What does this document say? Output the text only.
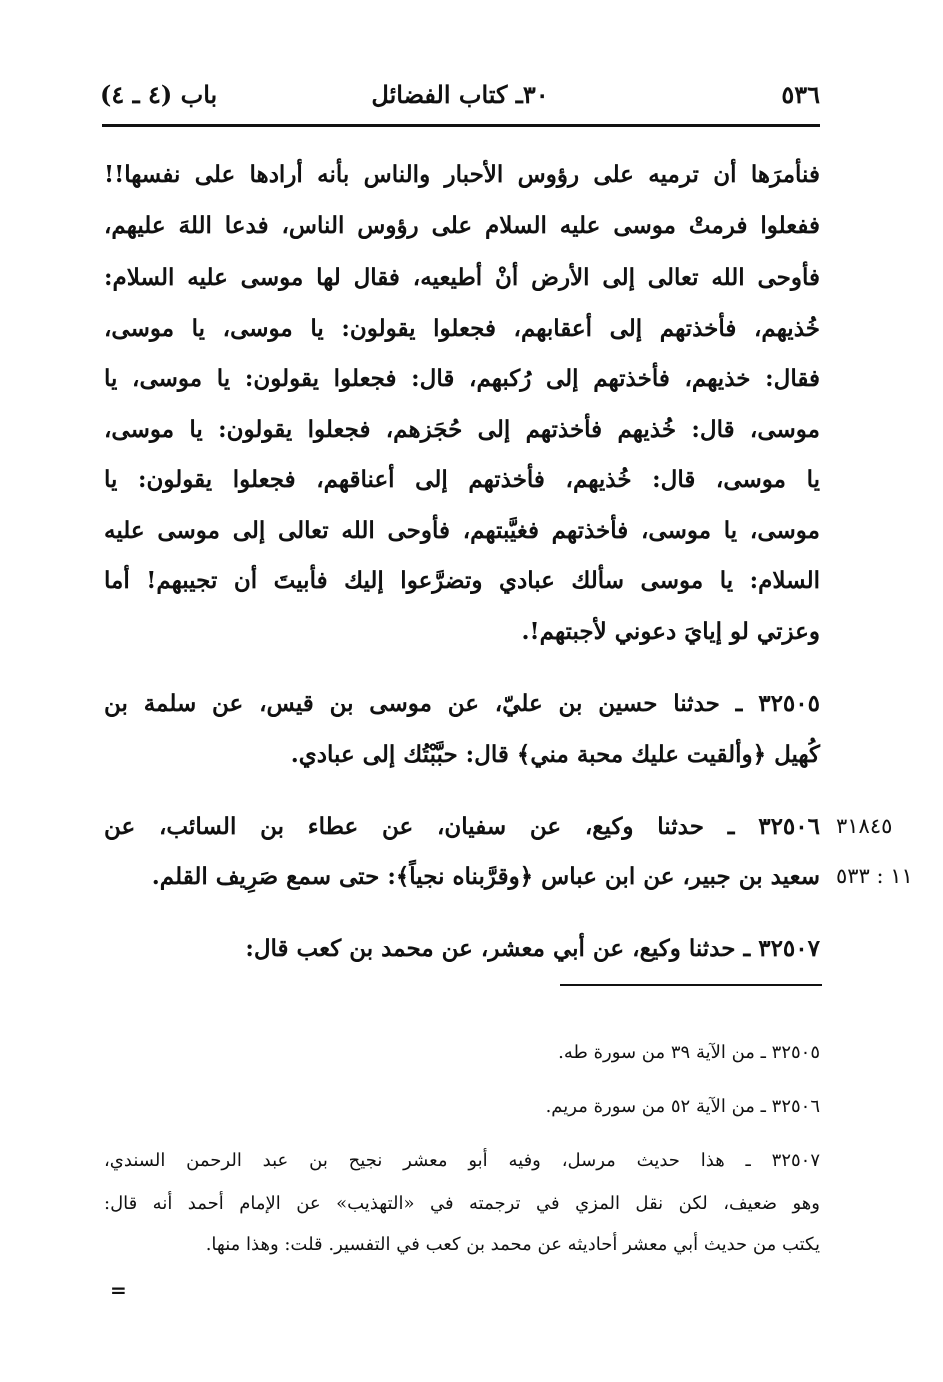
٥٣٦
٣٠ـ كتاب الفضائل
باب (٤ ـ ٤)
فنأمرَها أن ترميه على رؤوس الأحبار والناس بأنه أرادها على نفسها!!
ففعلوا فرمتْ موسى عليه السلام على رؤوس الناس، فدعا اللهَ عليهم،
فأوحى الله تعالى إلى الأرض أنْ أطيعيه، فقال لها موسى عليه السلام:
خُذيهم، فأخذتهم إلى أعقابهم، فجعلوا يقولون: يا موسى، يا موسى،
فقال: خذيهم، فأخذتهم إلى رُكبهم، قال: فجعلوا يقولون: يا موسى، يا
موسى، قال: خُذيهم فأخذتهم إلى حُجَزهم، فجعلوا يقولون: يا موسى،
يا موسى، قال: خُذيهم، فأخذتهم إلى أعناقهم، فجعلوا يقولون: يا
موسى، يا موسى، فأخذتهم فغيَّبتهم، فأوحى الله تعالى إلى موسى عليه
السلام: يا موسى سألك عبادي وتضرَّعوا إليك فأبيتَ أن تجيبهم! أما
وعزتي لو إيايَ دعوني لأجبتهم!.
٣٢٥٠٥ ـ حدثنا حسين بن عليّ، عن موسى بن قيس، عن سلمة بن
كُهيل ﴿وألقيت عليك محبة مني﴾ قال: حبَّبْتُك إلى عبادي.
٣٢٥٠٦ ـ حدثنا وكيع، عن سفيان، عن عطاء بن السائب، عن
سعيد بن جبير، عن ابن عباس ﴿وقرَّبناه نجياً﴾: حتى سمع صَرِيف القلم.
٣١٨٤٥
١١ : ٥٣٣
٣٢٥٠٧ ـ حدثنا وكيع، عن أبي معشر، عن محمد بن كعب قال:
٣٢٥٠٥ ـ من الآية ٣٩ من سورة طه.
٣٢٥٠٦ ـ من الآية ٥٢ من سورة مريم.
٣٢٥٠٧ ـ هذا حديث مرسل، وفيه أبو معشر نجيح بن عبد الرحمن السندي،
وهو ضعيف، لكن نقل المزي في ترجمته في «التهذيب» عن الإمام أحمد أنه قال:
يكتب من حديث أبي معشر أحاديثه عن محمد بن كعب في التفسير. قلت: وهذا منها.
=
